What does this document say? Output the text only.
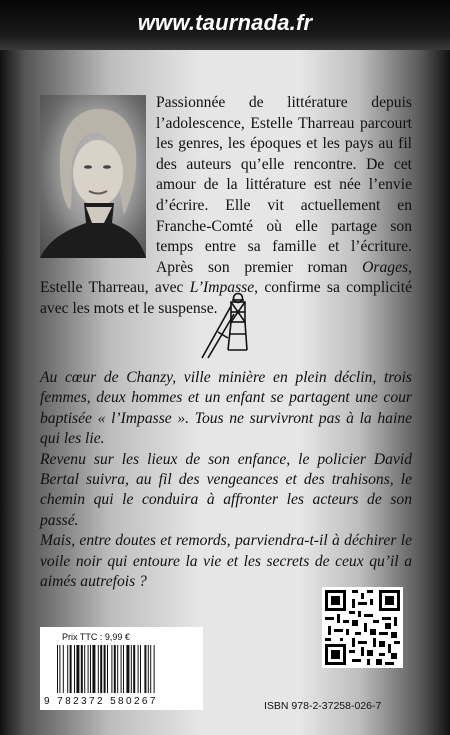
www.taurnada.fr
Passionnée de littérature depuis l’adolescence, Estelle Tharreau parcourt les genres, les époques et les pays au fil des auteurs qu’elle rencontre. De cet amour de la littérature est née l’envie d’écrire. Elle vit actuellement en Franche-Comté où elle partage son temps entre sa famille et l’écriture. Après son premier roman Orages, Estelle Tharreau, avec L’Impasse, confirme sa complicité avec les mots et le suspense.

Au cœur de Chanzy, ville minière en plein déclin, trois femmes, deux hommes et un enfant se partagent une cour baptisée « l’Impasse ». Tous ne survivront pas à la haine qui les lie.

Revenu sur les lieux de son enfance, le policier David Bertal suivra, au fil des vengeances et des trahisons, le chemin qui le conduira à affronter les acteurs de son passé.

Mais, entre doutes et remords, parviendra-t-il à déchirer le voile noir qui entoure la vie et les secrets de ceux qu’il a aimés autrefois ?

Prix TTC : 9,99 €
9 782372 580267	ISBN 978-2-37258-026-7
